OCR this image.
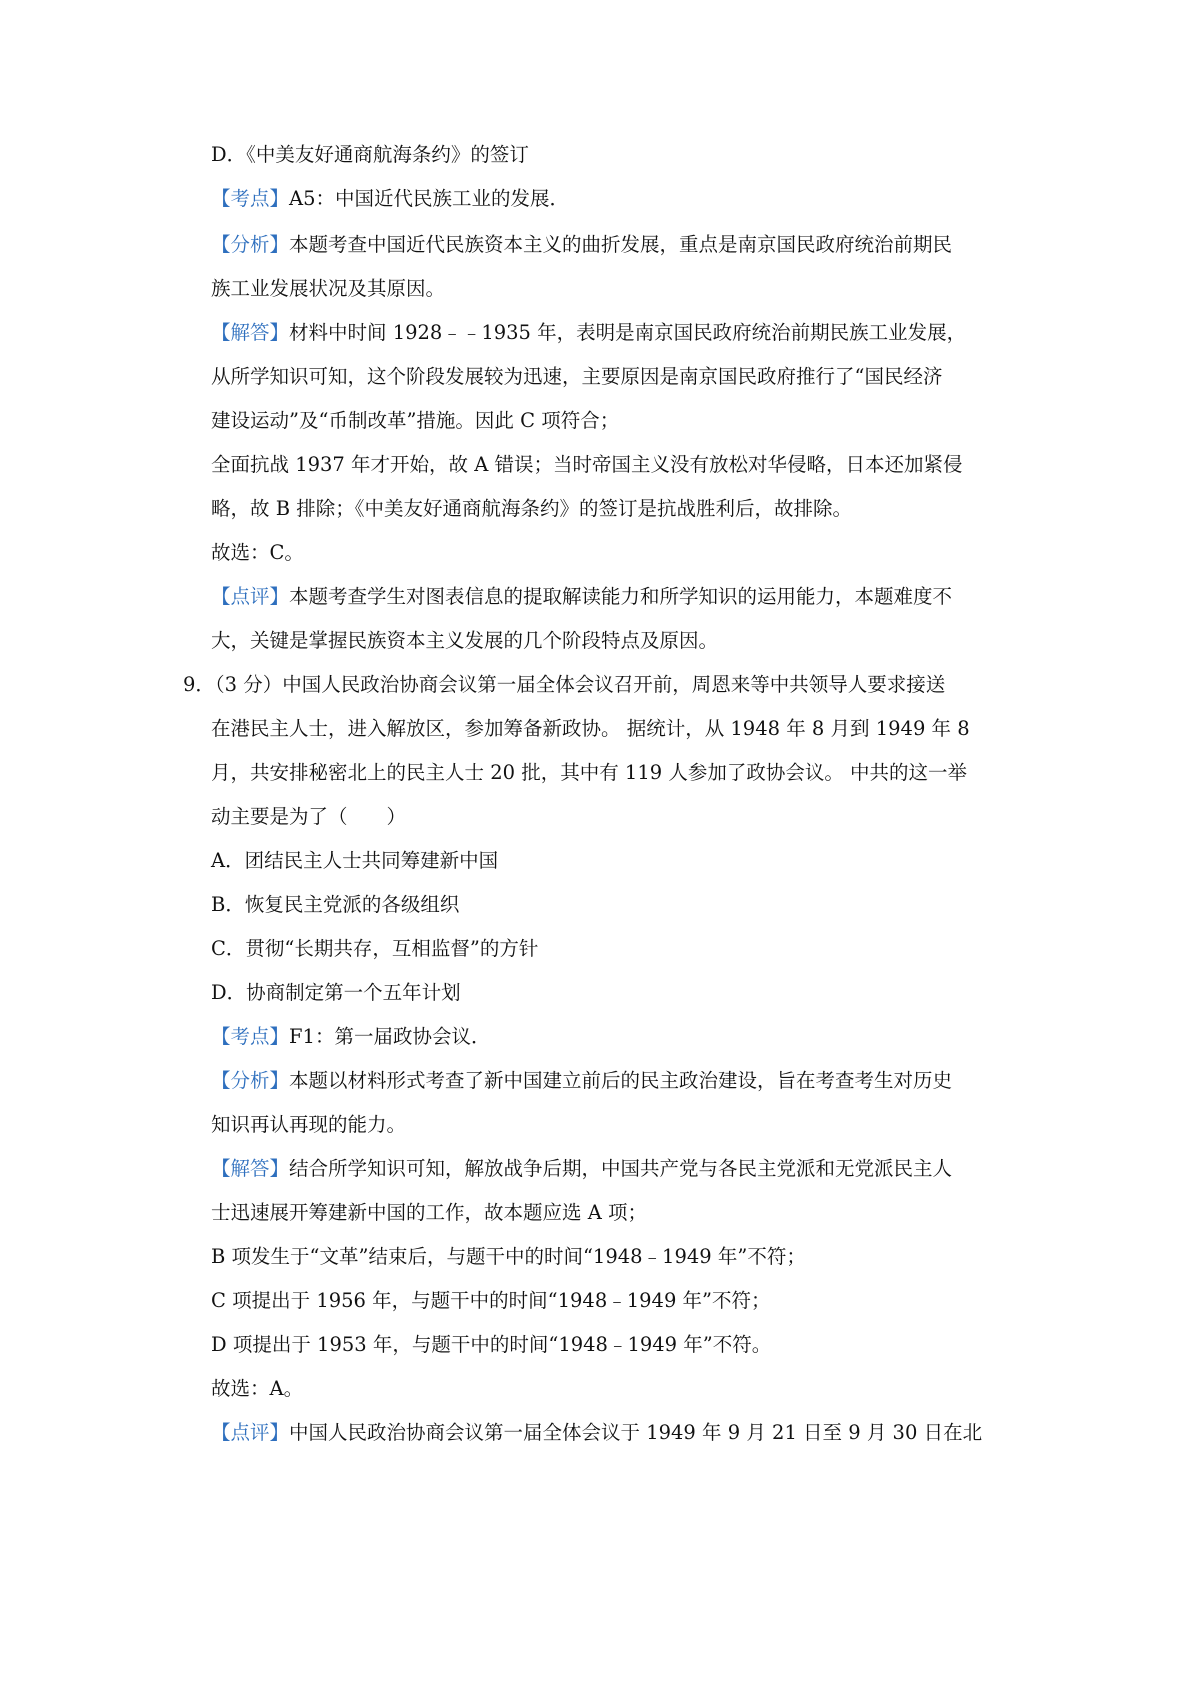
D．《中美友好通商航海条约》的签订
【考点】A5：中国近代民族工业的发展．
【分析】本题考查中国近代民族资本主义的曲折发展，重点是南京国民政府统治前期民
族工业发展状况及其原因。
【解答】材料中时间 1928﹣﹣1935 年，表明是南京国民政府统治前期民族工业发展，
从所学知识可知，这个阶段发展较为迅速，主要原因是南京国民政府推行了“国民经济
建设运动”及“币制改革”措施。因此 C 项符合；
全面抗战 1937 年才开始，故 A 错误；当时帝国主义没有放松对华侵略，日本还加紧侵
略，故 B 排除；《中美友好通商航海条约》的签订是抗战胜利后，故排除。
故选：C。
【点评】本题考查学生对图表信息的提取解读能力和所学知识的运用能力，本题难度不
大，关键是掌握民族资本主义发展的几个阶段特点及原因。
9．（3 分）中国人民政治协商会议第一届全体会议召开前，周恩来等中共领导人要求接送
在港民主人士，进入解放区，参加筹备新政协。 据统计，从 1948 年 8 月到 1949 年 8
月，共安排秘密北上的民主人士 20 批，其中有 119 人参加了政协会议。 中共的这一举
动主要是为了（　　）
A．团结民主人士共同筹建新中国
B．恢复民主党派的各级组织
C．贯彻“长期共存，互相监督”的方针
D．协商制定第一个五年计划
【考点】F1：第一届政协会议．
【分析】本题以材料形式考查了新中国建立前后的民主政治建设，旨在考查考生对历史
知识再认再现的能力。
【解答】结合所学知识可知，解放战争后期，中国共产党与各民主党派和无党派民主人
士迅速展开筹建新中国的工作，故本题应选 A 项；
B 项发生于“文革”结束后，与题干中的时间“1948﹣1949 年”不符；
C 项提出于 1956 年，与题干中的时间“1948﹣1949 年”不符；
D 项提出于 1953 年，与题干中的时间“1948﹣1949 年”不符。
故选：A。
【点评】中国人民政治协商会议第一届全体会议于 1949 年 9 月 21 日至 9 月 30 日在北
